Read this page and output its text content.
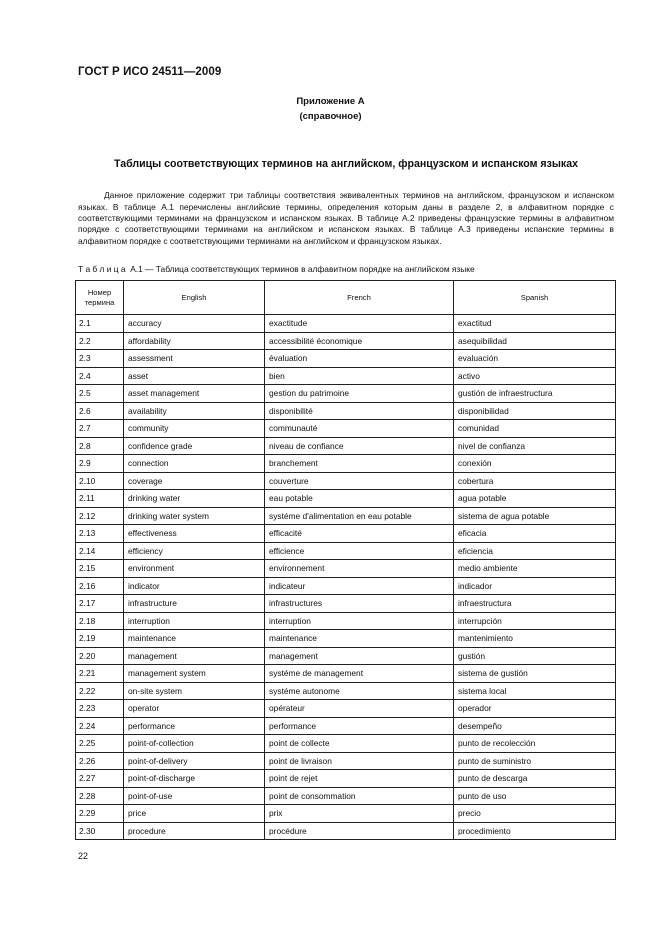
ГОСТ Р ИСО 24511—2009
Приложение А
(справочное)
Таблицы соответствующих терминов на английском, французском и испанском языках

Данное приложение содержит три таблицы соответствия эквивалентных терминов на английском, французском и испанском языках. В таблице А.1 перечислены английские термины, определения которым даны в разделе 2, в алфавитном порядке с соответствующими терминами на французском и испанском языках. В таблице А.2 приведены французские термины в алфавитном порядке с соответствующими терминами на английском и испанском языках. В таблице А.3 приведены испанские термины в алфавитном порядке с соответствующими терминами на английском и французском языках.

Т а б л и ц а  А.1 — Таблица соответствующих терминов в алфавитном порядке на английском языке
Номер термина	English	French	Spanish
2.1	accuracy	exactitude	exactitud
2.2	affordability	accessibilité économique	asequibilidad
2.3	assessment	évaluation	evaluación
2.4	asset	bien	activo
2.5	asset management	gestion du patrimoine	gustión de infraestructura
2.6	availability	disponibilité	disponibilidad
2.7	community	communauté	comunidad
2.8	confidence grade	niveau de confiance	nivel de confianza
2.9	connection	branchement	conexión
2.10	coverage	couverture	cobertura
2.11	drinking water	eau potable	agua potable
2.12	drinking water system	systéme d'alimentation en eau potable	sistema de agua potable
2.13	effectiveness	efficacité	eficacia
2.14	efficiency	efficience	eficiencia
2.15	environment	environnement	medio ambiente
2.16	indicator	indicateur	indicador
2.17	infrastructure	infrastructures	infraestructura
2.18	interruption	interruption	interrupción
2.19	maintenance	maintenance	mantenimiento
2.20	management	management	gustión
2.21	management system	systéme de management	sistema de gustión
2.22	on-site system	systéme autonome	sistema local
2.23	operator	opérateur	operador
2.24	performance	performance	desempeño
2.25	point-of-collection	point de collecte	punto de recolección
2.26	point-of-delivery	point de livraison	punto de suministro
2.27	point-of-discharge	point de rejet	punto de descarga
2.28	point-of-use	point de consommation	punto de uso
2.29	price	prix	precio
2.30	procedure	procédure	procedimiento
22
